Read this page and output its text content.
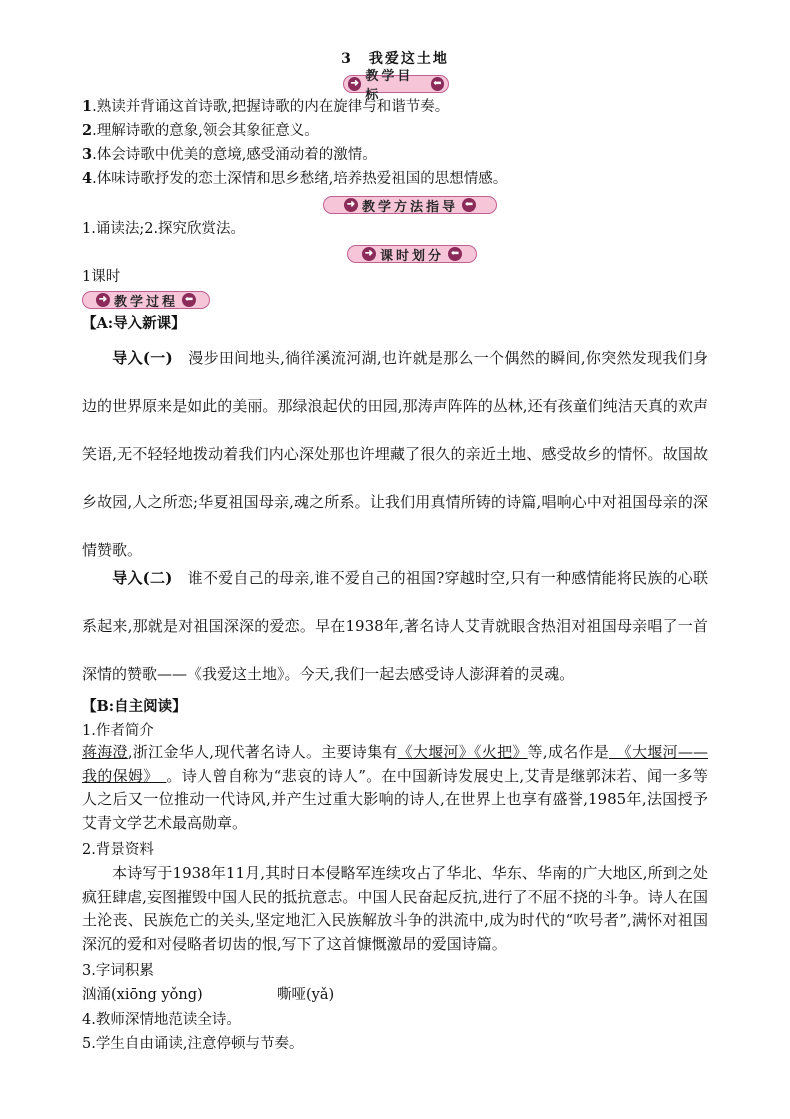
3　我爱这土地
➜ 教学目标
⬅
1.熟读并背诵这首诗歌,把握诗歌的内在旋律与和谐节奏。
2.理解诗歌的意象,领会其象征意义。
3.体会诗歌中优美的意境,感受涌动着的激情。
4.体味诗歌抒发的恋土深情和思乡愁绪,培养热爱祖国的思想情感。
➜ 教学方法指导 ⬅
1.诵读法;2.探究欣赏法。
➜ 课时划分 ⬅
1课时
➜ 教学过程 ⬅
【A:导入新课】
导入(一)　漫步田间地头,徜徉溪流河湖,也许就是那么一个偶然的瞬间,你突然发现我们身边的世界原来是如此的美丽。那绿浪起伏的田园,那涛声阵阵的丛林,还有孩童们纯洁天真的欢声笑语,无不轻轻地拨动着我们内心深处那也许埋藏了很久的亲近土地、感受故乡的情怀。故国故乡故园,人之所恋;华夏祖国母亲,魂之所系。让我们用真情所铸的诗篇,唱响心中对祖国母亲的深情赞歌。
导入(二)　谁不爱自己的母亲,谁不爱自己的祖国?穿越时空,只有一种感情能将民族的心联系起来,那就是对祖国深深的爱恋。早在1938年,著名诗人艾青就眼含热泪对祖国母亲唱了一首深情的赞歌——《我爱这土地》。今天,我们一起去感受诗人澎湃着的灵魂。
【B:自主阅读】
1.作者简介
蒋海澄,浙江金华人,现代著名诗人。主要诗集有《大堰河》《火把》等,成名作是　《大堰河——我的保姆》　。诗人曾自称为“悲哀的诗人”。在中国新诗发展史上,艾青是继郭沫若、闻一多等人之后又一位推动一代诗风,并产生过重大影响的诗人,在世界上也享有盛誉,1985年,法国授予艾青文学艺术最高勋章。
2.背景资料
本诗写于1938年11月,其时日本侵略军连续攻占了华北、华东、华南的广大地区,所到之处疯狂肆虐,妄图摧毁中国人民的抵抗意志。中国人民奋起反抗,进行了不屈不挠的斗争。诗人在国土沦丧、民族危亡的关头,坚定地汇入民族解放斗争的洪流中,成为时代的“吹号者”,满怀对祖国深沉的爱和对侵略者切齿的恨,写下了这首慷慨激昂的爱国诗篇。
3.字词积累
汹涌(xiōng yǒng)	嘶哑(yǎ)
4.教师深情地范读全诗。
5.学生自由诵读,注意停顿与节奏。
